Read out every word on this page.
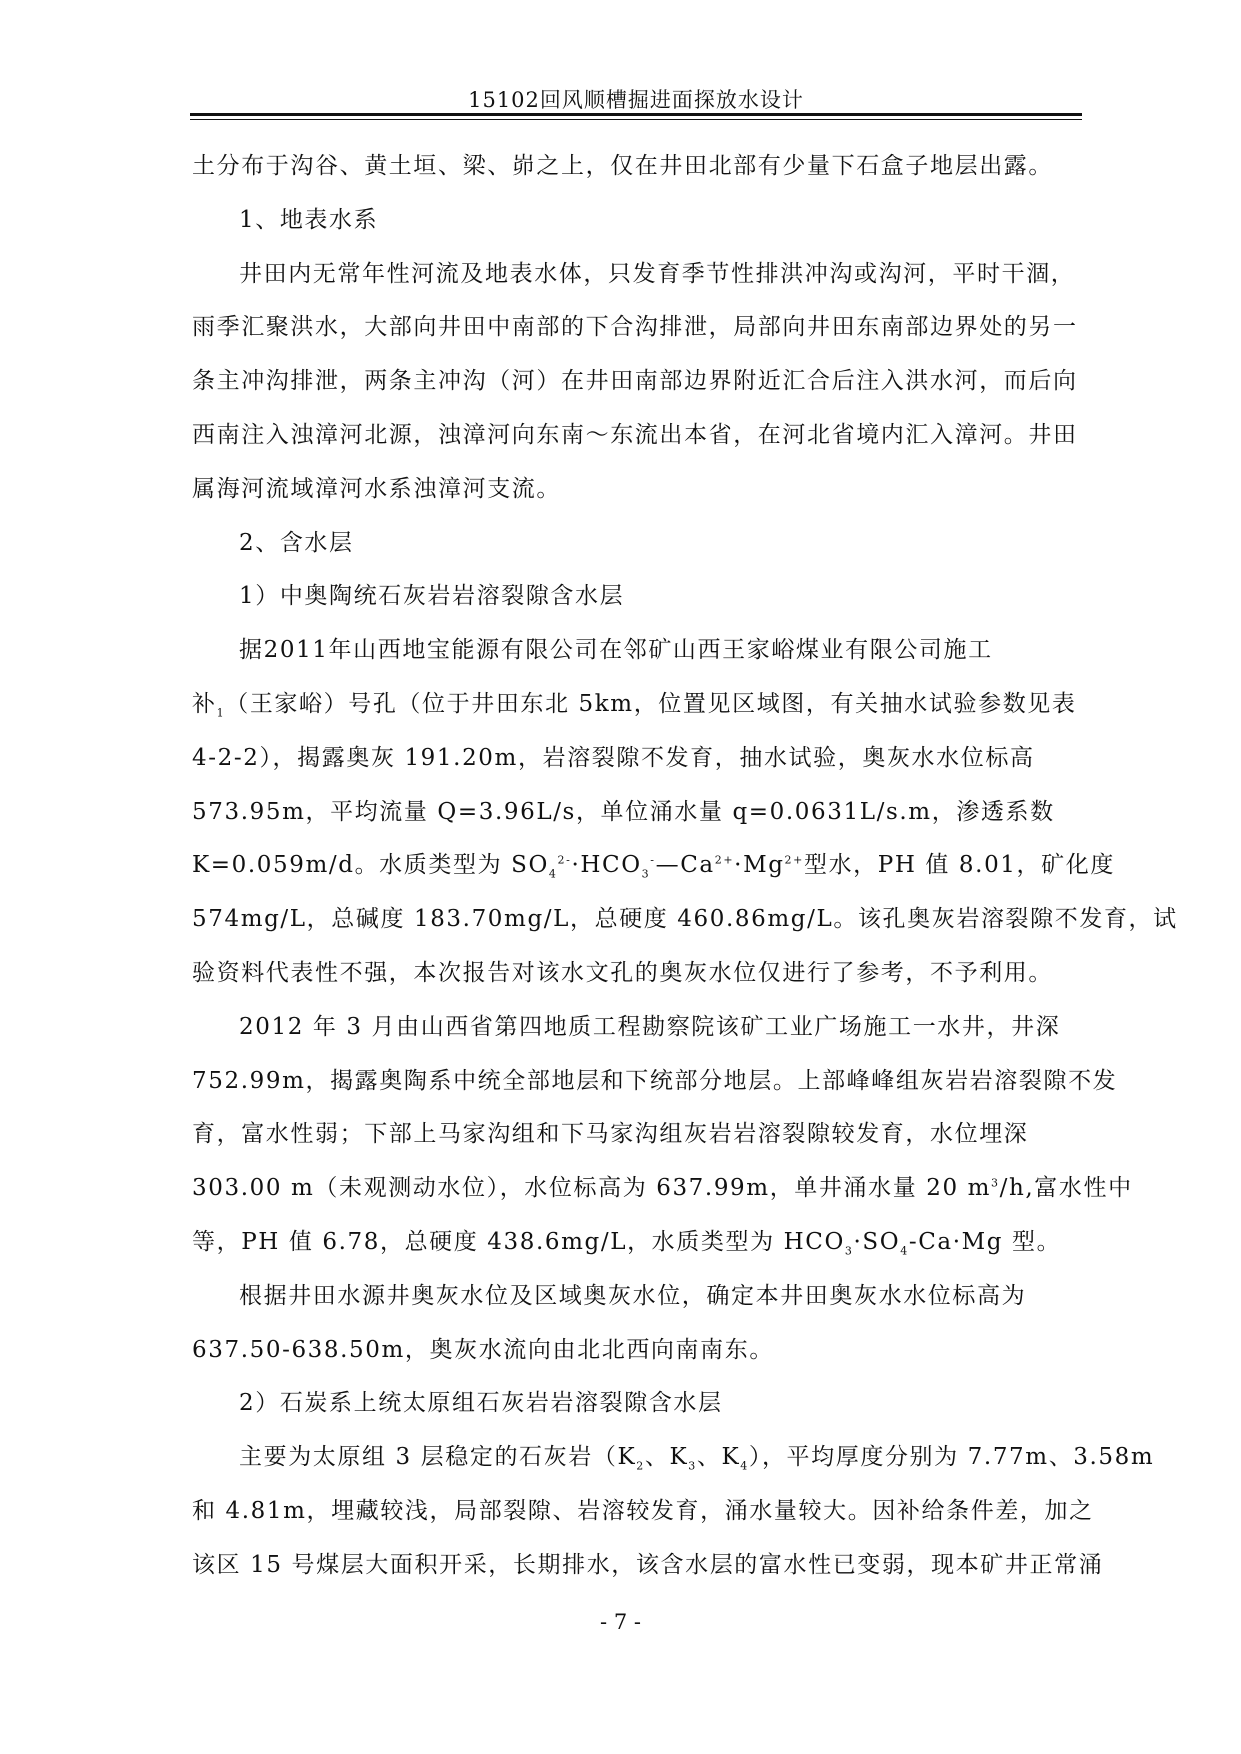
15102回风顺槽掘进面探放水设计
土分布于沟谷、黄土垣、梁、峁之上，仅在井田北部有少量下石盒子地层出露。
1、地表水系
井田内无常年性河流及地表水体，只发育季节性排洪冲沟或沟河，平时干涸，
雨季汇聚洪水，大部向井田中南部的下合沟排泄，局部向井田东南部边界处的另一
条主冲沟排泄，两条主冲沟（河）在井田南部边界附近汇合后注入洪水河，而后向
西南注入浊漳河北源，浊漳河向东南～东流出本省，在河北省境内汇入漳河。井田
属海河流域漳河水系浊漳河支流。
2、含水层
1）中奥陶统石灰岩岩溶裂隙含水层
据2011年山西地宝能源有限公司在邻矿山西王家峪煤业有限公司施工
补$_1$（王家峪）号孔（位于井田东北 5km，位置见区域图，有关抽水试验参数见表
4-2-2），揭露奥灰 191.20m，岩溶裂隙不发育，抽水试验，奥灰水水位标高
573.95m，平均流量 Q=3.96L/s，单位涌水量 q=0.0631L/s.m，渗透系数
K=0.059m/d。水质类型为 $SO_4^{2-}\cdot HCO_3^-—Ca^{2+}\cdot Mg^{2+}$型水，PH 值 8.01，矿化度
574mg/L，总碱度 183.70mg/L，总硬度 460.86mg/L。该孔奥灰岩溶裂隙不发育，试
验资料代表性不强，本次报告对该水文孔的奥灰水位仅进行了参考，不予利用。
2012 年 3 月由山西省第四地质工程勘察院该矿工业广场施工一水井，井深
752.99m，揭露奥陶系中统全部地层和下统部分地层。上部峰峰组灰岩岩溶裂隙不发
育，富水性弱；下部上马家沟组和下马家沟组灰岩岩溶裂隙较发育，水位埋深
303.00 m（未观测动水位），水位标高为 637.99m，单井涌水量 20 $m^3/h$,富水性中
等，PH 值 6.78，总硬度 438.6mg/L，水质类型为 $HCO_3\cdot SO_4-Ca\cdot Mg$ 型。
根据井田水源井奥灰水位及区域奥灰水位，确定本井田奥灰水水位标高为
637.50-638.50m，奥灰水流向由北北西向南南东。
2）石炭系上统太原组石灰岩岩溶裂隙含水层
主要为太原组 3 层稳定的石灰岩（$K_2$、$K_3$、$K_4$），平均厚度分别为 7.77m、3.58m
和 4.81m，埋藏较浅，局部裂隙、岩溶较发育，涌水量较大。因补给条件差，加之
该区 15 号煤层大面积开采，长期排水，该含水层的富水性已变弱，现本矿井正常涌
- 7 -
